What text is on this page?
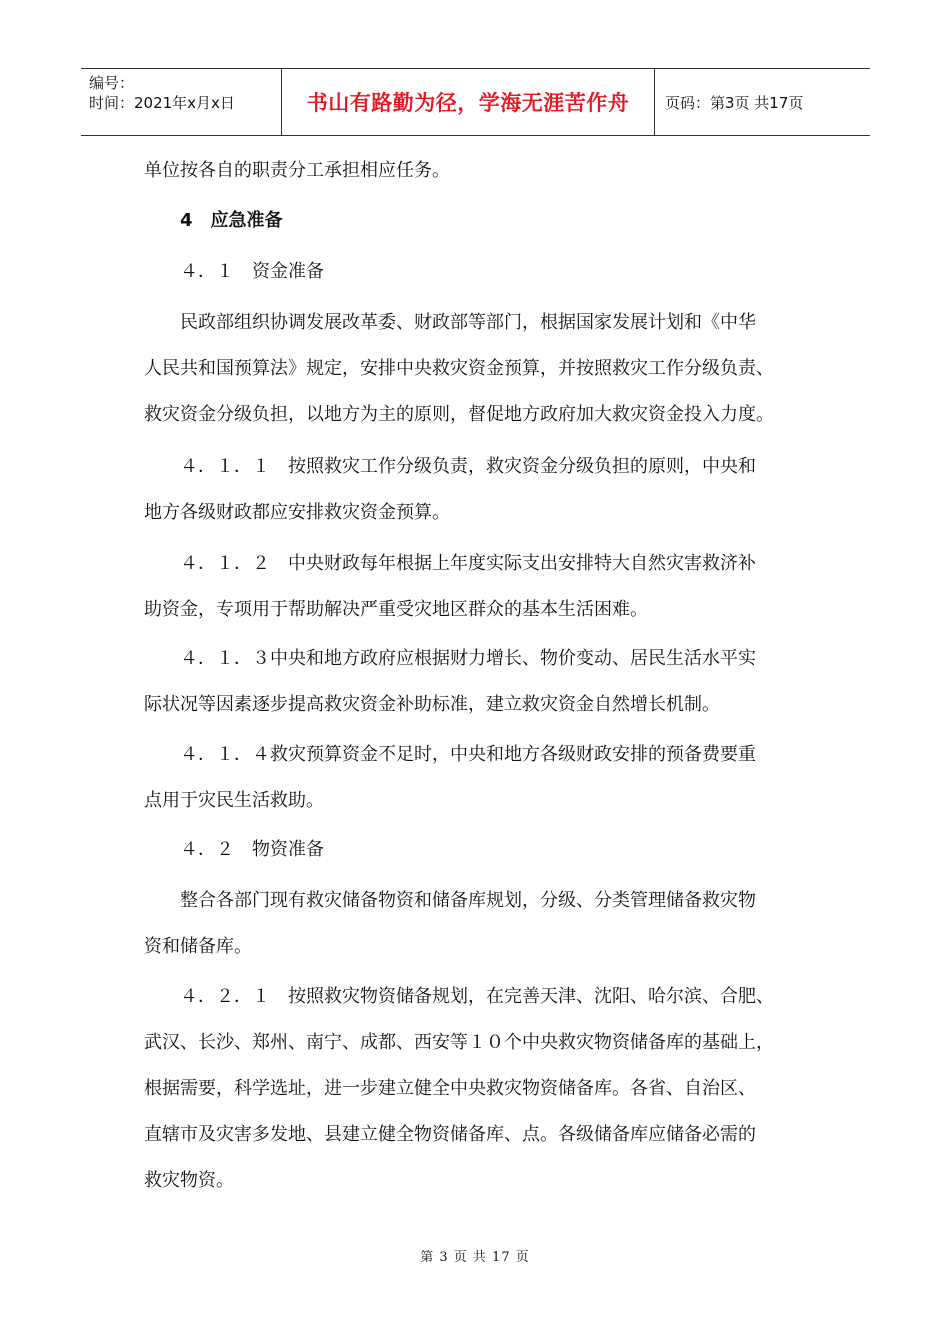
编号：
时间：2021年x月x日	书山有路勤为径，学海无涯苦作舟 页码：第3页 共17页
单位按各自的职责分工承担相应任务。
4　应急准备
４．１　资金准备
民政部组织协调发展改革委、财政部等部门，根据国家发展计划和《中华
人民共和国预算法》规定，安排中央救灾资金预算，并按照救灾工作分级负责、
救灾资金分级负担，以地方为主的原则，督促地方政府加大救灾资金投入力度。
４．１．１　按照救灾工作分级负责，救灾资金分级负担的原则，中央和
地方各级财政都应安排救灾资金预算。
４．１．２　中央财政每年根据上年度实际支出安排特大自然灾害救济补
助资金，专项用于帮助解决严重受灾地区群众的基本生活困难。
４．１．３中央和地方政府应根据财力增长、物价变动、居民生活水平实
际状况等因素逐步提高救灾资金补助标准，建立救灾资金自然增长机制。
４．１．４救灾预算资金不足时，中央和地方各级财政安排的预备费要重
点用于灾民生活救助。
４．２　物资准备
整合各部门现有救灾储备物资和储备库规划，分级、分类管理储备救灾物
资和储备库。
４．２．１　按照救灾物资储备规划，在完善天津、沈阳、哈尔滨、合肥、
武汉、长沙、郑州、南宁、成都、西安等１０个中央救灾物资储备库的基础上，
根据需要，科学选址，进一步建立健全中央救灾物资储备库。各省、自治区、
直辖市及灾害多发地、县建立健全物资储备库、点。各级储备库应储备必需的
救灾物资。
第 3 页 共 17 页
